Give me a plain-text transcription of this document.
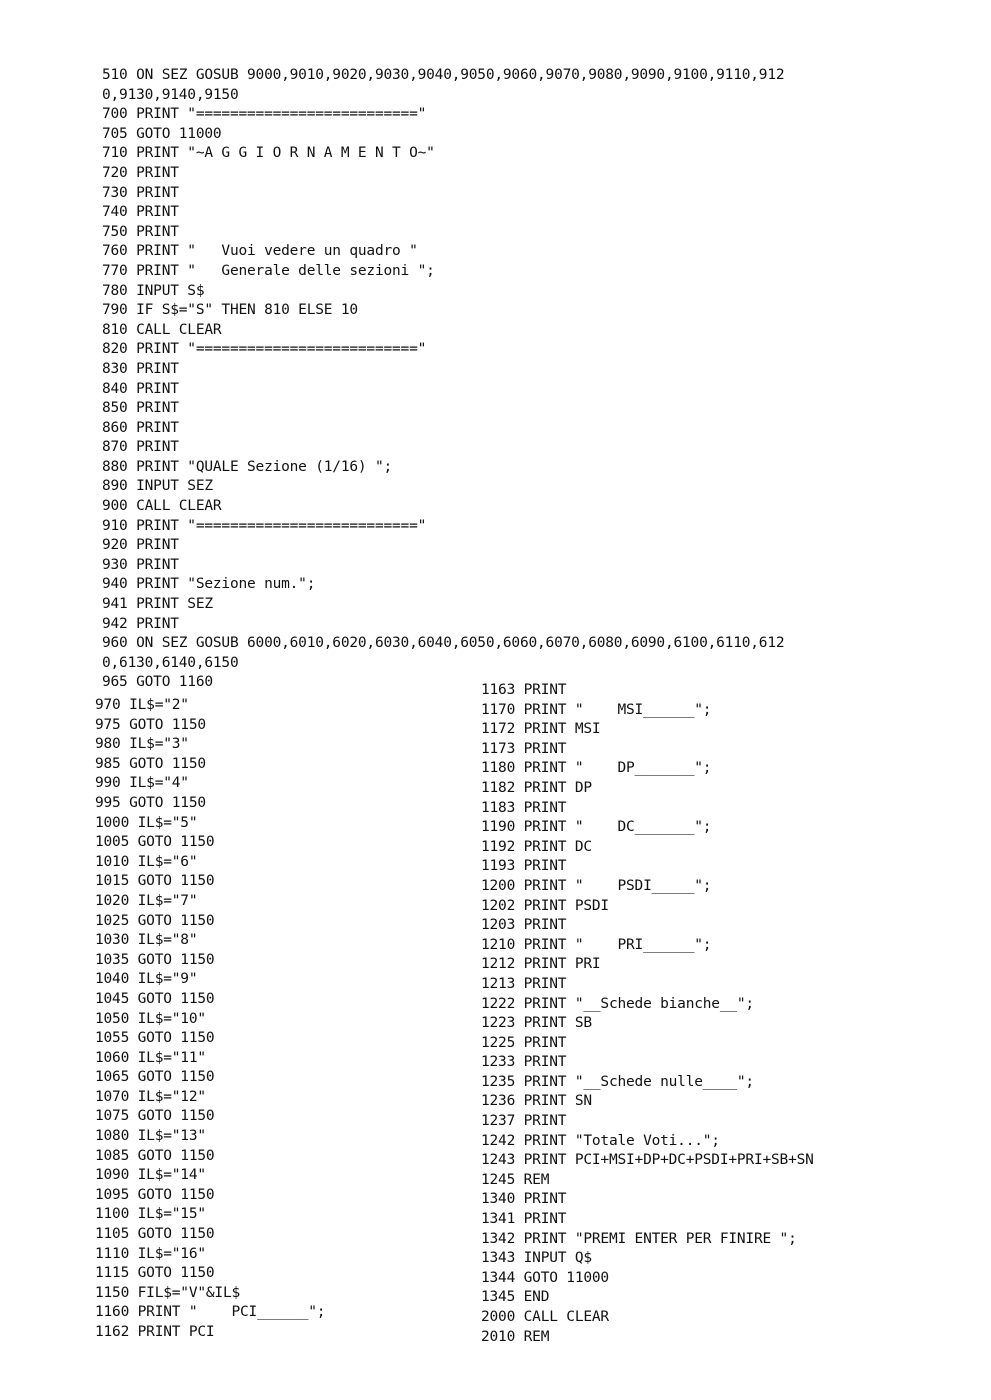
510 ON SEZ GOSUB 9000,9010,9020,9030,9040,9050,9060,9070,9080,9090,9100,9110,912
0,9130,9140,9150
700 PRINT "=========================="
705 GOTO 11000
710 PRINT "~A G G I O R N A M E N T O~"
720 PRINT
730 PRINT
740 PRINT
750 PRINT
760 PRINT "   Vuoi vedere un quadro "
770 PRINT "   Generale delle sezioni ";
780 INPUT S$
790 IF S$="S" THEN 810 ELSE 10
810 CALL CLEAR
820 PRINT "=========================="
830 PRINT
840 PRINT
850 PRINT
860 PRINT
870 PRINT
880 PRINT "QUALE Sezione (1/16) ";
890 INPUT SEZ
900 CALL CLEAR
910 PRINT "=========================="
920 PRINT
930 PRINT
940 PRINT "Sezione num.";
941 PRINT SEZ
942 PRINT
960 ON SEZ GOSUB 6000,6010,6020,6030,6040,6050,6060,6070,6080,6090,6100,6110,612
0,6130,6140,6150
965 GOTO 1160
970 IL$="2"
975 GOTO 1150
980 IL$="3"
985 GOTO 1150
990 IL$="4"
995 GOTO 1150
1000 IL$="5"
1005 GOTO 1150
1010 IL$="6"
1015 GOTO 1150
1020 IL$="7"
1025 GOTO 1150
1030 IL$="8"
1035 GOTO 1150
1040 IL$="9"
1045 GOTO 1150
1050 IL$="10"
1055 GOTO 1150
1060 IL$="11"
1065 GOTO 1150
1070 IL$="12"
1075 GOTO 1150
1080 IL$="13"
1085 GOTO 1150
1090 IL$="14"
1095 GOTO 1150
1100 IL$="15"
1105 GOTO 1150
1110 IL$="16"
1115 GOTO 1150
1150 FIL$="V"&IL$
1160 PRINT "    PCI______";
1162 PRINT PCI
1163 PRINT
1170 PRINT "    MSI______";
1172 PRINT MSI
1173 PRINT
1180 PRINT "    DP_______";
1182 PRINT DP
1183 PRINT
1190 PRINT "    DC_______";
1192 PRINT DC
1193 PRINT
1200 PRINT "    PSDI_____";
1202 PRINT PSDI
1203 PRINT
1210 PRINT "    PRI______";
1212 PRINT PRI
1213 PRINT
1222 PRINT "__Schede bianche__";
1223 PRINT SB
1225 PRINT
1233 PRINT
1235 PRINT "__Schede nulle____";
1236 PRINT SN
1237 PRINT
1242 PRINT "Totale Voti...";
1243 PRINT PCI+MSI+DP+DC+PSDI+PRI+SB+SN
1245 REM
1340 PRINT
1341 PRINT
1342 PRINT "PREMI ENTER PER FINIRE ";
1343 INPUT Q$
1344 GOTO 11000
1345 END
2000 CALL CLEAR
2010 REM
